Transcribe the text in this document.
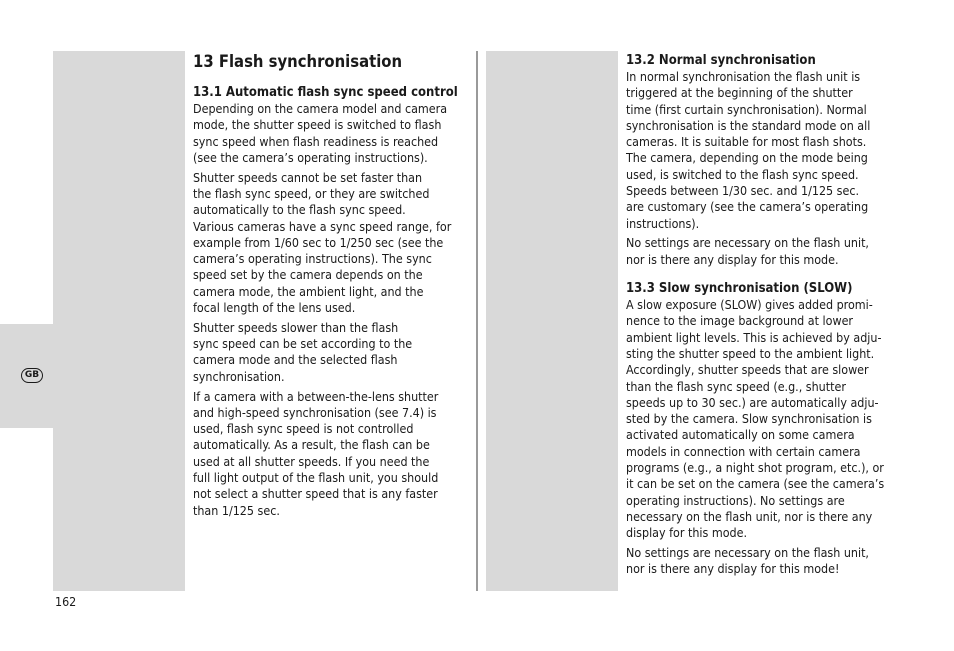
GB
13 Flash synchronisation
13.1 Automatic flash sync speed control

Depending on the camera model and camera
mode, the shutter speed is switched to flash
sync speed when flash readiness is reached
(see the camera’s operating instructions).

Shutter speeds cannot be set faster than
the flash sync speed, or they are switched
automatically to the flash sync speed.
Various cameras have a sync speed range, for
example from 1/60 sec to 1/250 sec (see the
camera’s operating instructions). The sync
speed set by the camera depends on the
camera mode, the ambient light, and the
focal length of the lens used.

Shutter speeds slower than the flash
sync speed can be set according to the
camera mode and the selected flash
synchronisation.

If a camera with a between-the-lens shutter
and high-speed synchronisation (see 7.4) is
used, flash sync speed is not controlled
automatically. As a result, the flash can be
used at all shutter speeds. If you need the
full light output of the flash unit, you should
not select a shutter speed that is any faster
than 1/125 sec.

13.2 Normal synchronisation

In normal synchronisation the flash unit is
triggered at the beginning of the shutter
time (first curtain synchronisation). Normal
synchronisation is the standard mode on all
cameras. It is suitable for most flash shots.
The camera, depending on the mode being
used, is switched to the flash sync speed.
Speeds between 1/30 sec. and 1/125 sec.
are customary (see the camera’s operating
instructions).

No settings are necessary on the flash unit,
nor is there any display for this mode.

13.3 Slow synchronisation (SLOW)

A slow exposure (SLOW) gives added promi-
nence to the image background at lower
ambient light levels. This is achieved by adju-
sting the shutter speed to the ambient light.
Accordingly, shutter speeds that are slower
than the flash sync speed (e.g., shutter
speeds up to 30 sec.) are automatically adju-
sted by the camera. Slow synchronisation is
activated automatically on some camera
models in connection with certain camera
programs (e.g., a night shot program, etc.), or
it can be set on the camera (see the camera’s
operating instructions). No settings are
necessary on the flash unit, nor is there any
display for this mode.

No settings are necessary on the flash unit,
nor is there any display for this mode!

162
